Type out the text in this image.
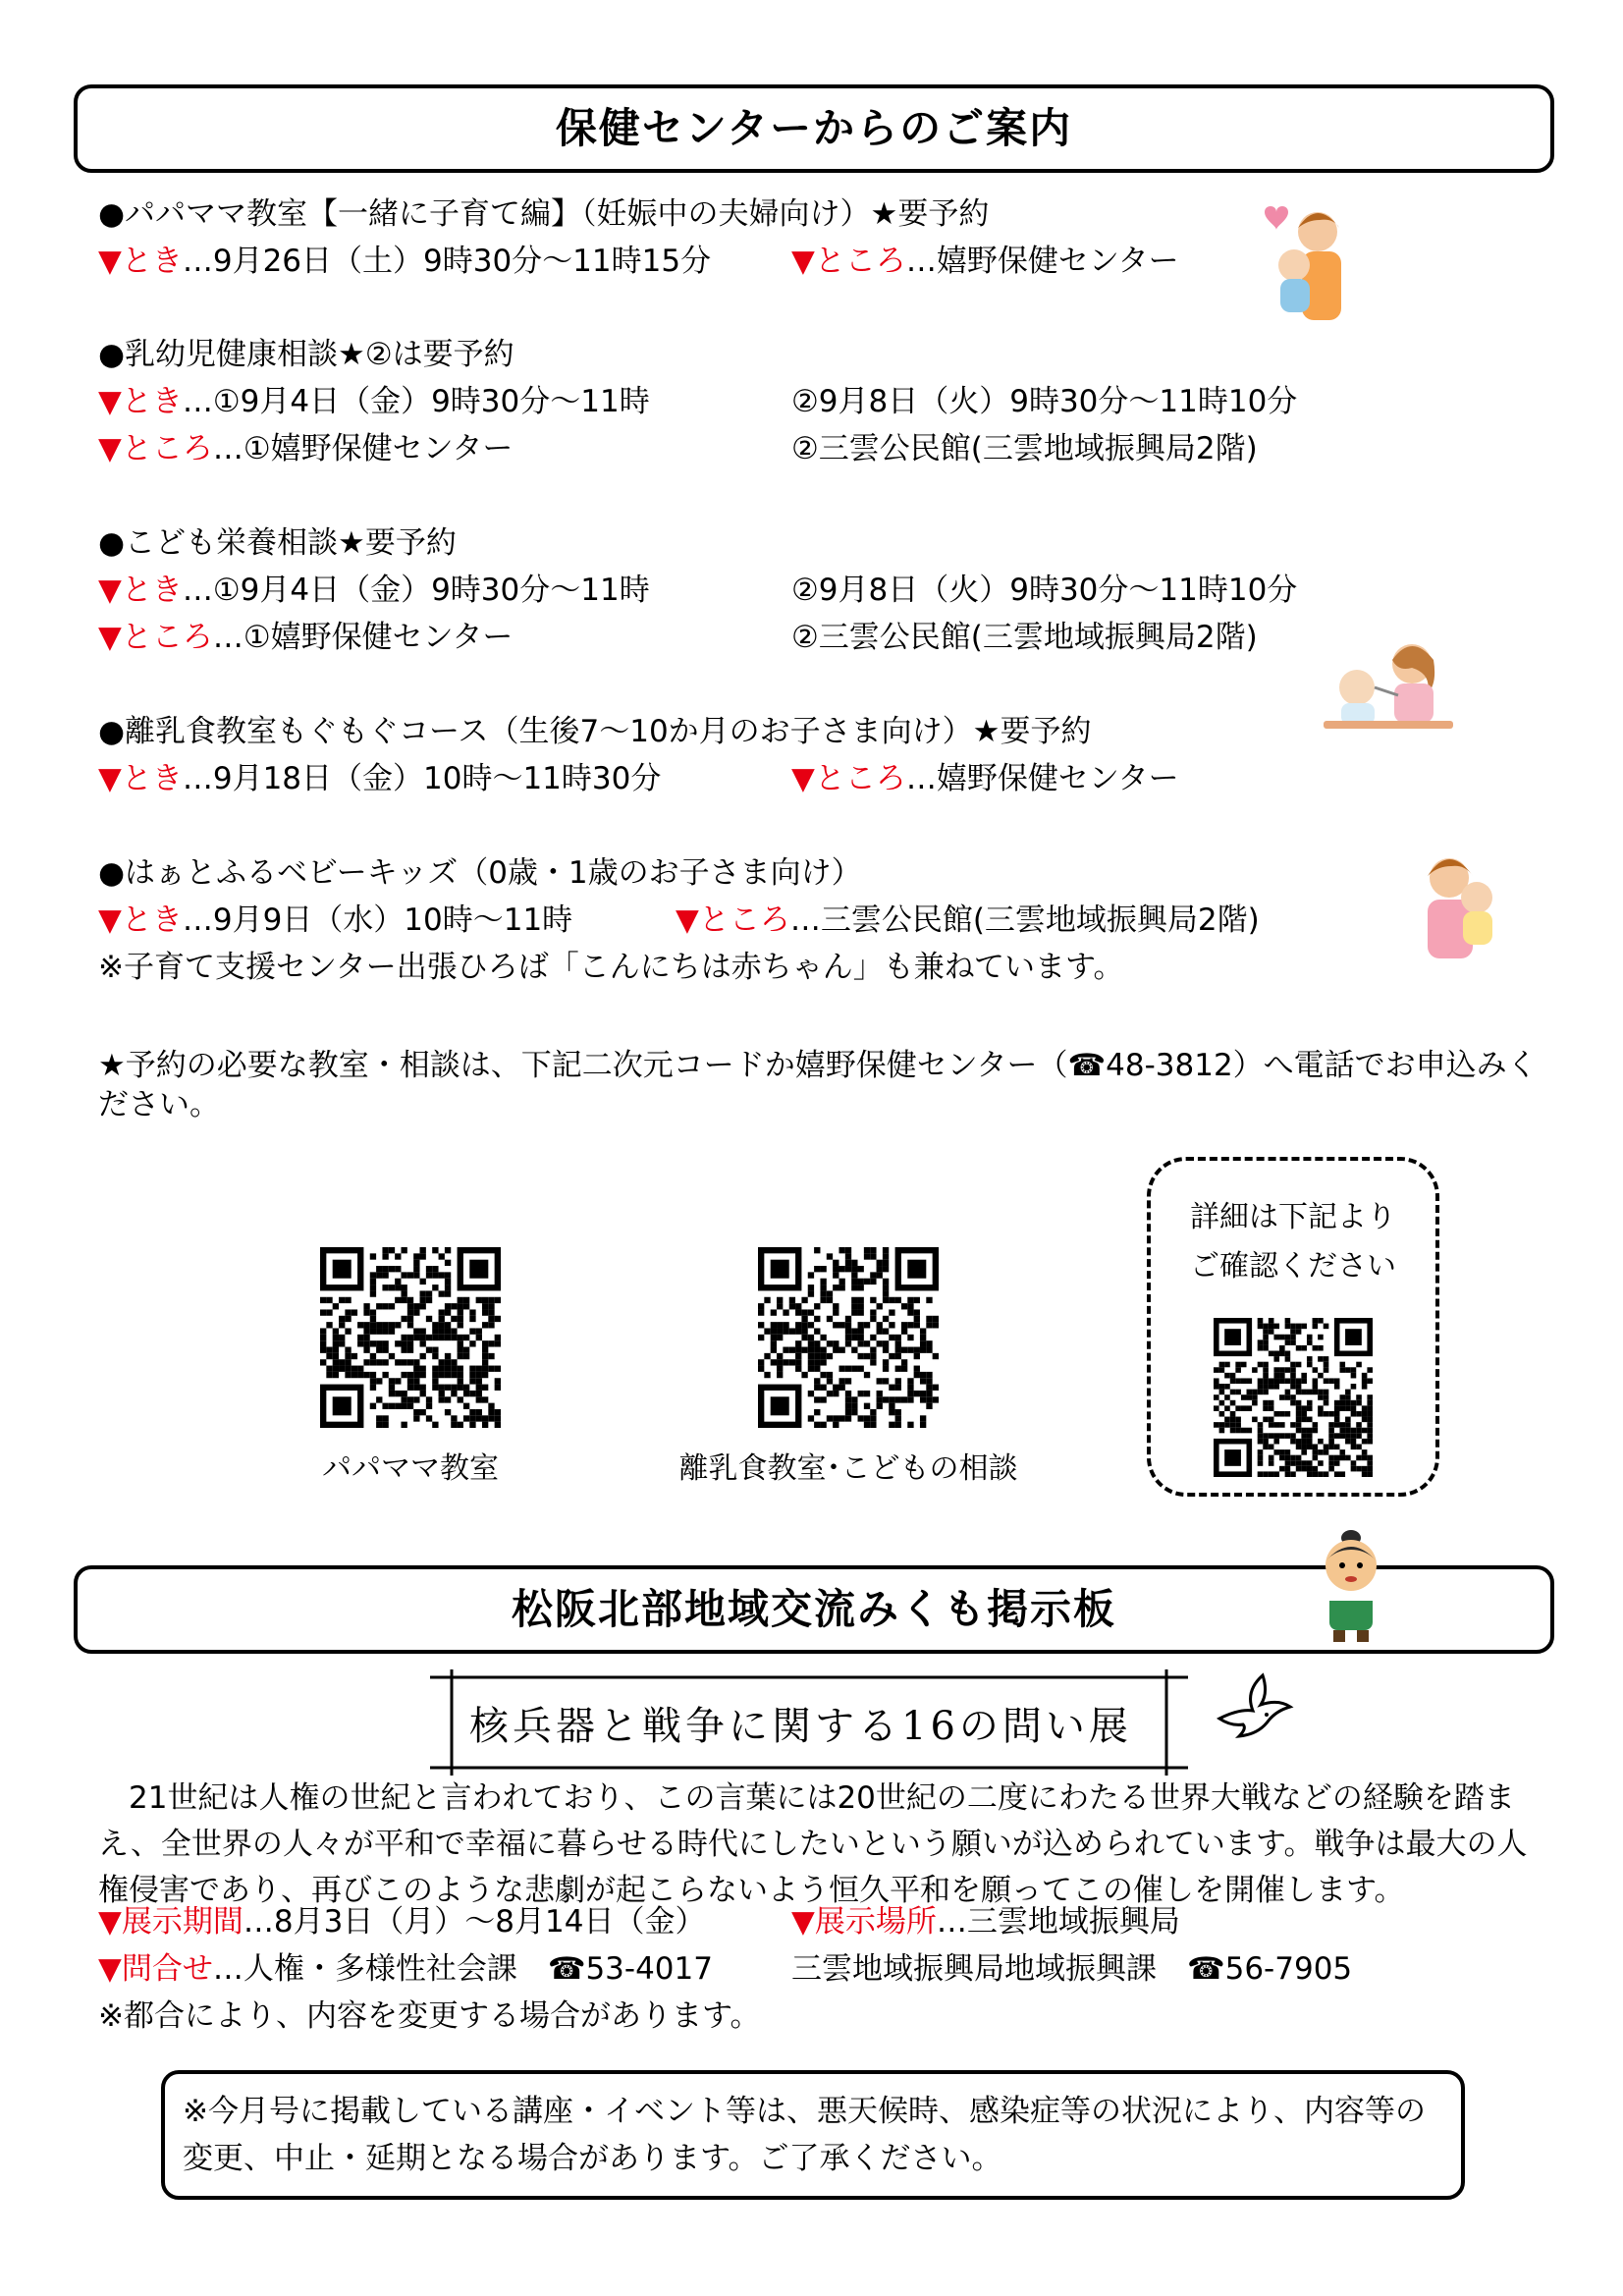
保健センターからのご案内
●パパママ教室【一緒に子育て編】（妊娠中の夫婦向け）★要予約
▼とき…9月26日（土）9時30分～11時15分	▼ところ…嬉野保健センター
●乳幼児健康相談★②は要予約
▼とき…①9月4日（金）9時30分～11時	②9月8日（火）9時30分～11時10分
▼ところ…①嬉野保健センター	②三雲公民館(三雲地域振興局2階)
●こども栄養相談★要予約
▼とき…①9月4日（金）9時30分～11時	②9月8日（火）9時30分～11時10分
▼ところ…①嬉野保健センター	②三雲公民館(三雲地域振興局2階)
●離乳食教室もぐもぐコース（生後7～10か月のお子さま向け）★要予約
▼とき…9月18日（金）10時～11時30分	▼ところ…嬉野保健センター
●はぁとふるベビーキッズ（0歳・1歳のお子さま向け）
▼とき…9月9日（水）10時～11時	▼ところ…三雲公民館(三雲地域振興局2階)
※子育て支援センター出張ひろば「こんにちは赤ちゃん」も兼ねています。
★予約の必要な教室・相談は、下記二次元コードか嬉野保健センター（☎48-3812）へ電話でお申込みく
ださい。
パパママ教室	離乳食教室･こどもの相談
詳細は下記より
ご確認ください
松阪北部地域交流みくも掲示板
核兵器と戦争に関する16の問い展
　21世紀は人権の世紀と言われており、この言葉には20世紀の二度にわたる世界大戦などの経験を踏ま
え、全世界の人々が平和で幸福に暮らせる時代にしたいという願いが込められています。戦争は最大の人
権侵害であり、再びこのような悲劇が起こらないよう恒久平和を願ってこの催しを開催します。
▼展示期間…8月3日（月）～8月14日（金）	▼展示場所…三雲地域振興局
▼問合せ…人権・多様性社会課　☎53-4017	三雲地域振興局地域振興課　☎56-7905
※都合により、内容を変更する場合があります。
※今月号に掲載している講座・イベント等は、悪天候時、感染症等の状況により、内容等の
変更、中止・延期となる場合があります。ご了承ください。
